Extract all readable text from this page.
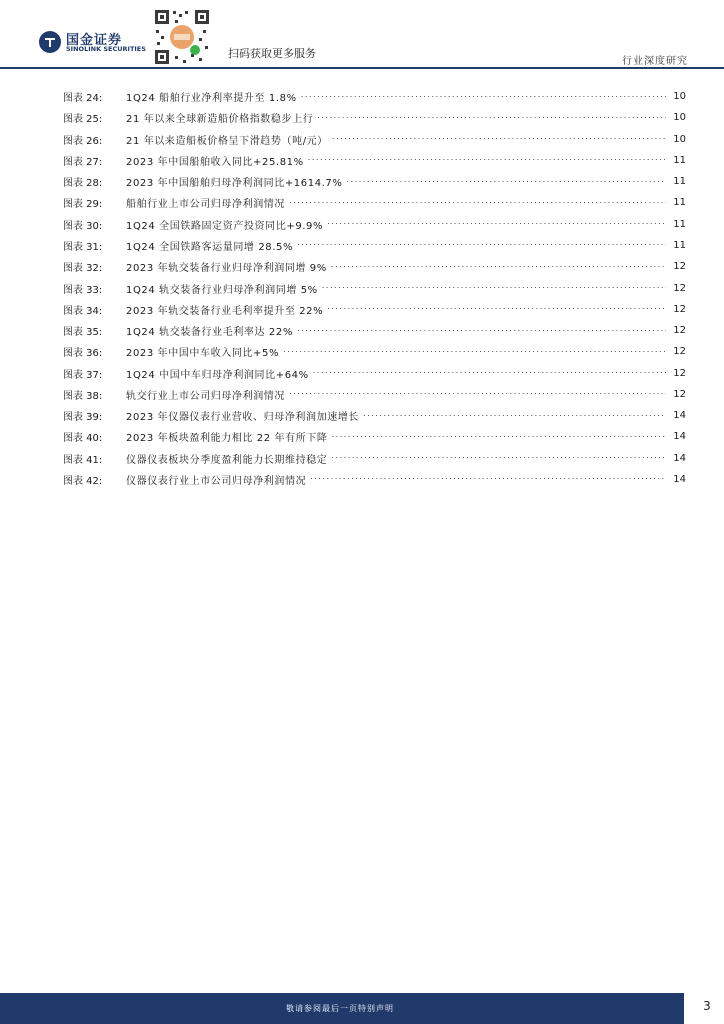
国金证券
SINOLINK SECURITIES	扫码获取更多服务
行业深度研究
图表 24:	1Q24 船舶行业净利率提升至 1.8% . . .	10
图表 25:	21 年以来全球新造船价格指数稳步上行 . . .	10
图表 26:	21 年以来造船板价格呈下滑趋势（吨/元） . . .	10
图表 27:	2023 年中国船舶收入同比+25.81% . . .	11
图表 28:	2023 年中国船舶归母净利润同比+1614.7% . . .	11
图表 29:	船舶行业上市公司归母净利润情况 . . .	11
图表 30:	1Q24 全国铁路固定资产投资同比+9.9% . . .	11
图表 31:	1Q24 全国铁路客运量同增 28.5% . . .	11
图表 32:	2023 年轨交装备行业归母净利润同增 9% . . .	12
图表 33:	1Q24 轨交装备行业归母净利润同增 5% . . .	12
图表 34:	2023 年轨交装备行业毛利率提升至 22% . . .	12
图表 35:	1Q24 轨交装备行业毛利率达 22% . . .	12
图表 36:	2023 年中国中车收入同比+5% . . .	12
图表 37:	1Q24 中国中车归母净利润同比+64% . . .	12
图表 38:	轨交行业上市公司归母净利润情况 . . .	12
图表 39:	2023 年仪器仪表行业营收、归母净利润加速增长 . . .	14
图表 40:	2023 年板块盈利能力相比 22 年有所下降 . . .	14
图表 41:	仪器仪表板块分季度盈利能力长期维持稳定 . . .	14
图表 42:	仪器仪表行业上市公司归母净利润情况 . . .	14
敬请参阅最后一页特别声明	3
